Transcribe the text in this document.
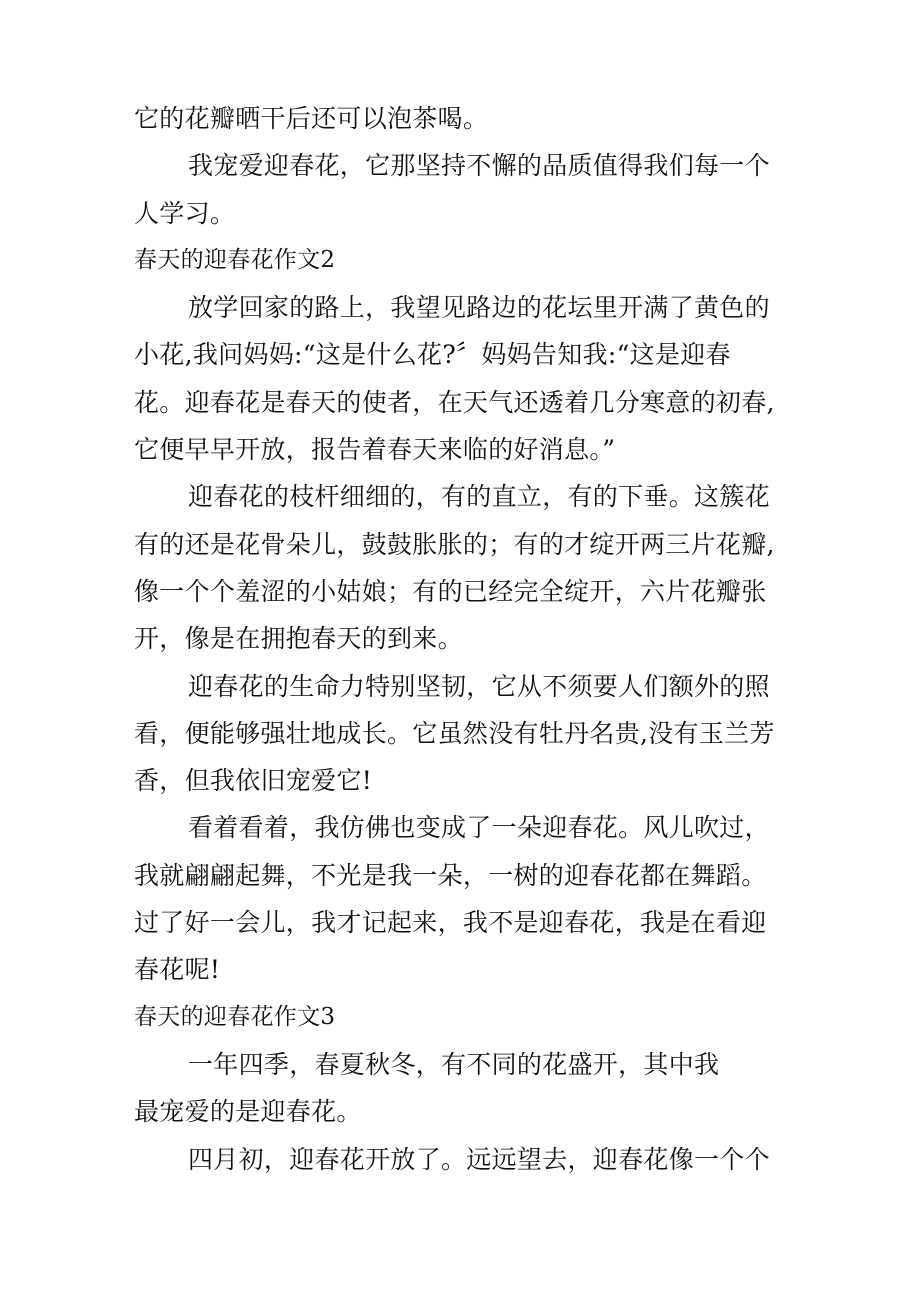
它的花瓣晒干后还可以泡茶喝。
我宠爱迎春花，它那坚持不懈的品质值得我们每一个
人学习。
春天的迎春花作文2
放学回家的路上，我望见路边的花坛里开满了黄色的
小花,我问妈妈:“这是什么花?〞妈妈告知我:“这是迎春
花。迎春花是春天的使者，在天气还透着几分寒意的初春,
它便早早开放，报告着春天来临的好消息。”
迎春花的枝杆细细的，有的直立，有的下垂。这簇花
有的还是花骨朵儿，鼓鼓胀胀的；有的才绽开两三片花瓣,
像一个个羞涩的小姑娘；有的已经完全绽开，六片花瓣张
开，像是在拥抱春天的到来。
迎春花的生命力特别坚韧，它从不须要人们额外的照
看，便能够强壮地成长。它虽然没有牡丹名贵,没有玉兰芳
香，但我依旧宠爱它!
看着看着，我仿佛也变成了一朵迎春花。风儿吹过，
我就翩翩起舞，不光是我一朵，一树的迎春花都在舞蹈。
过了好一会儿，我才记起来，我不是迎春花，我是在看迎
春花呢!
春天的迎春花作文3
一年四季，春夏秋冬，有不同的花盛开，其中我
最宠爱的是迎春花。
四月初，迎春花开放了。远远望去，迎春花像一个个
